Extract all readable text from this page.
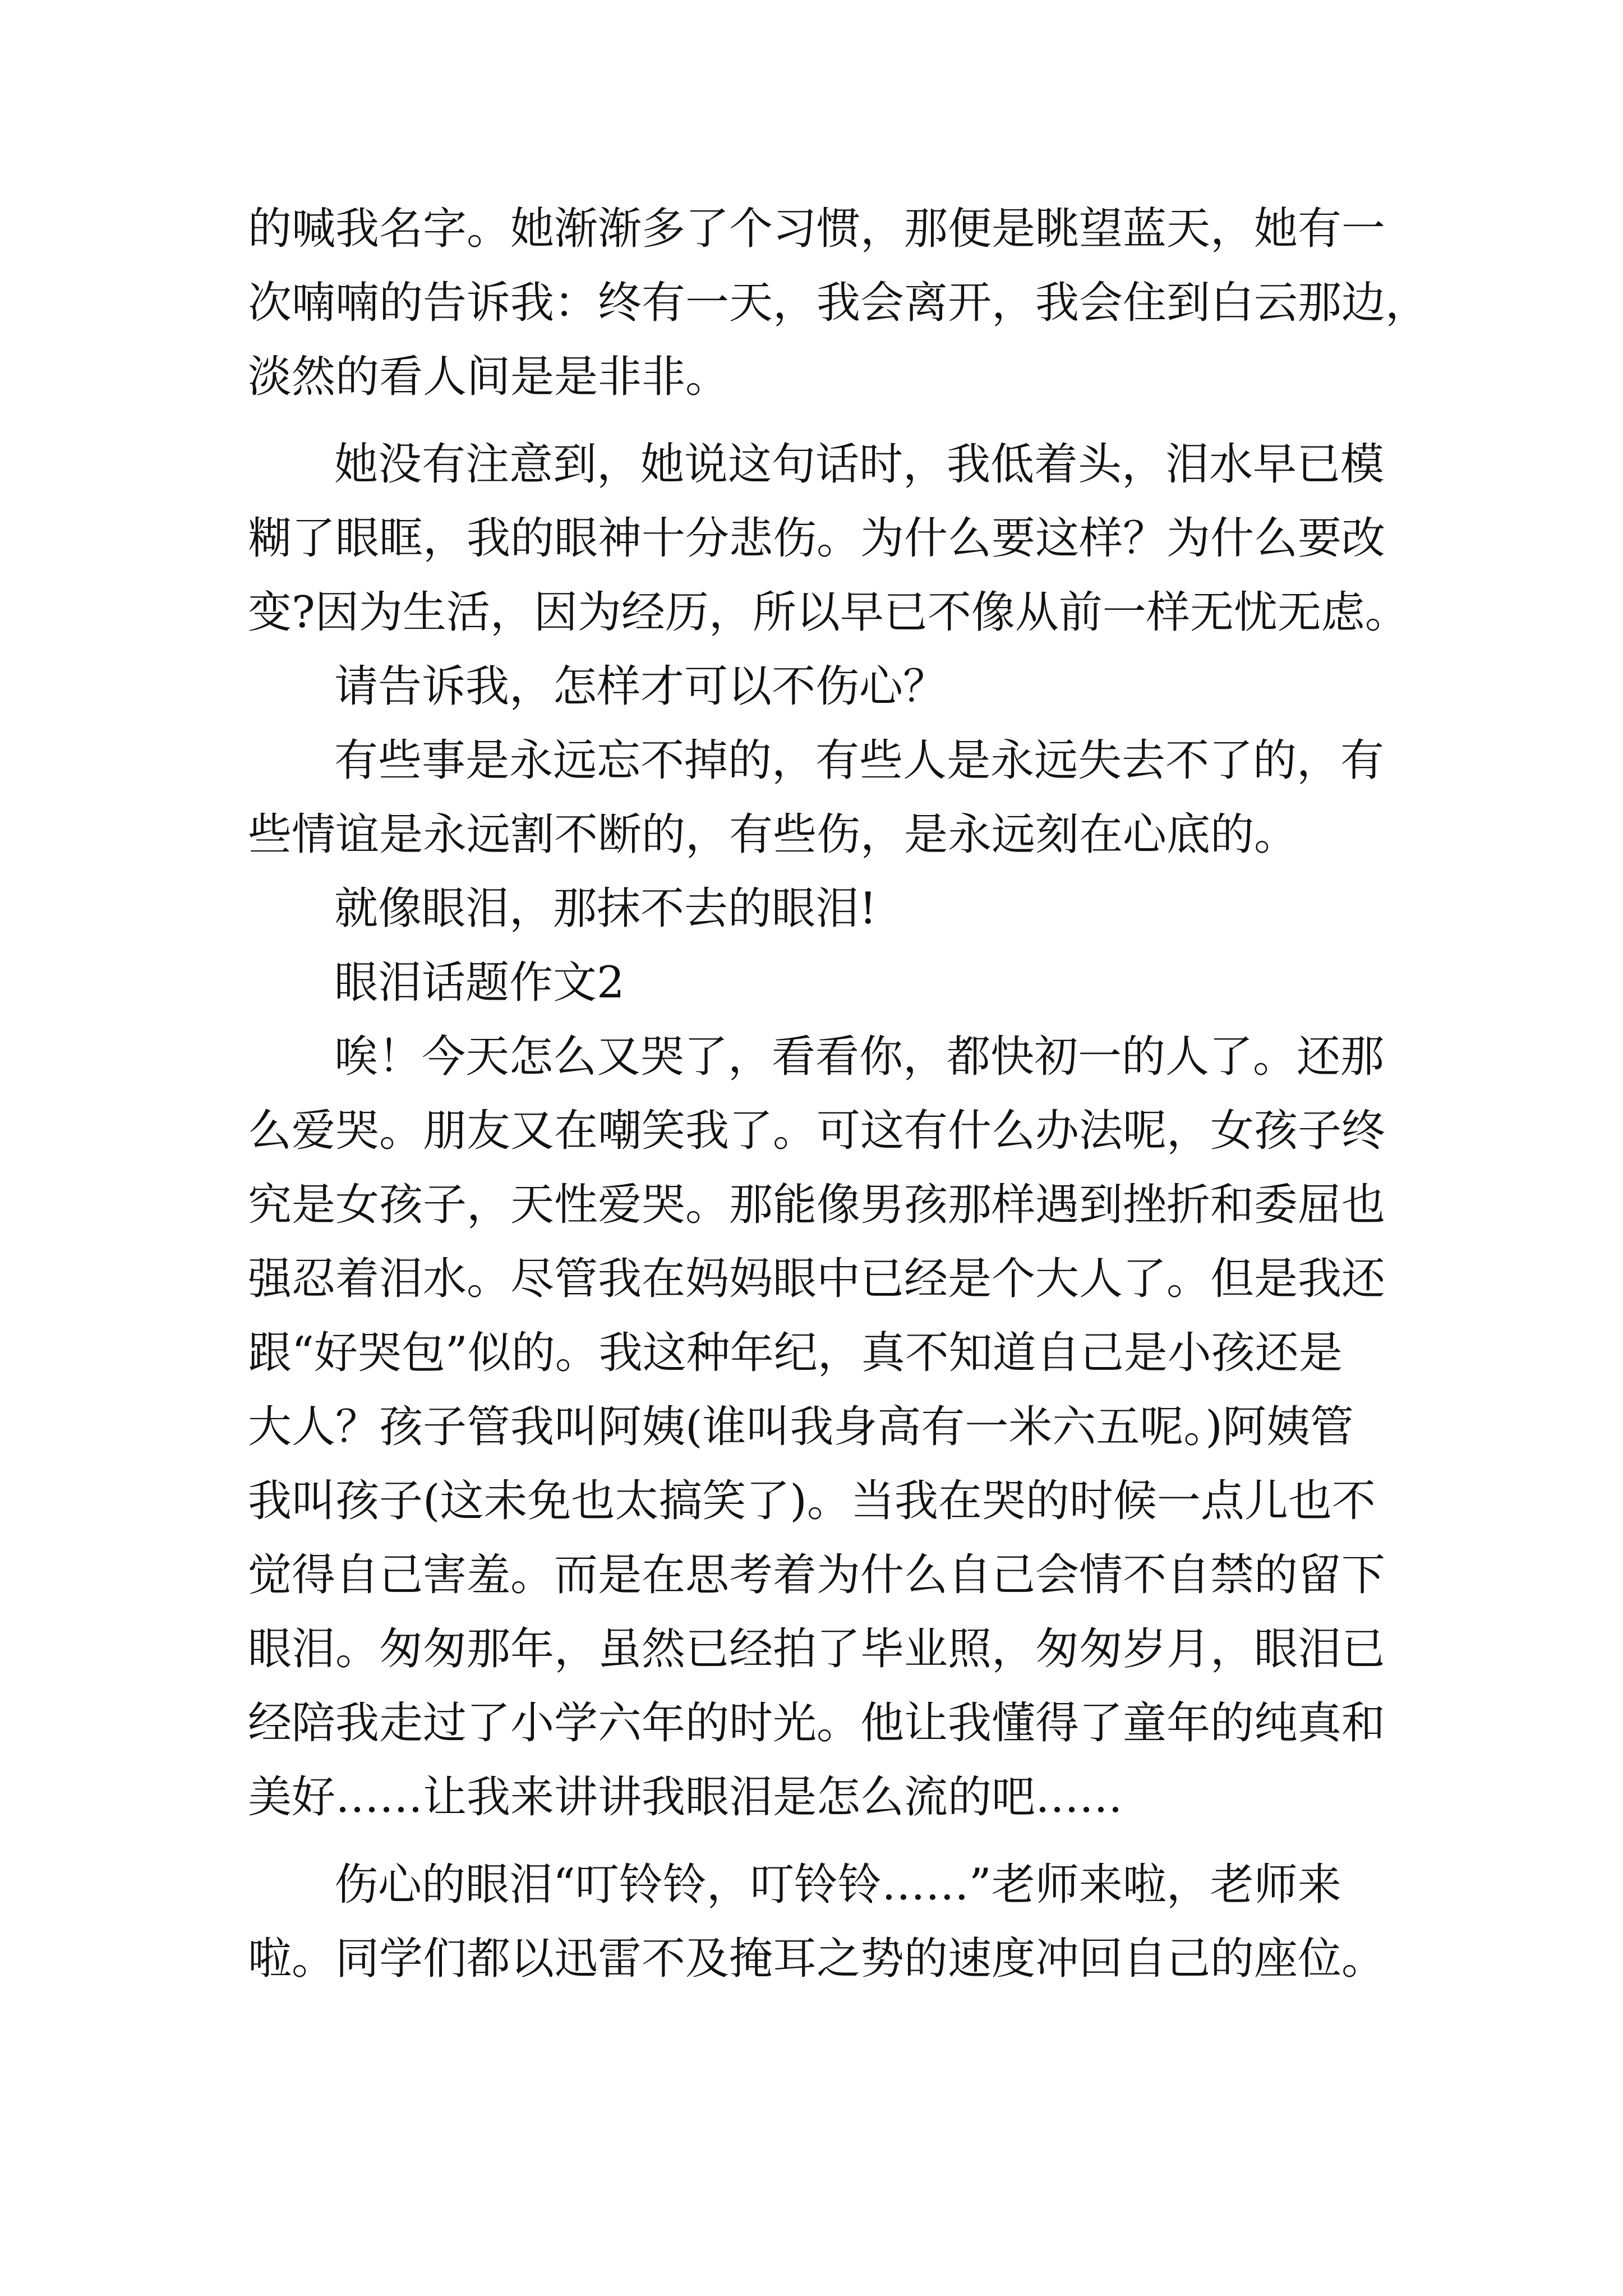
的喊我名字。她渐渐多了个习惯，那便是眺望蓝天，她有一

次喃喃的告诉我：终有一天，我会离开，我会住到白云那边，

淡然的看人间是是非非。

她没有注意到，她说这句话时，我低着头，泪水早已模

糊了眼眶，我的眼神十分悲伤。为什么要这样？为什么要改

变?因为生活，因为经历，所以早已不像从前一样无忧无虑。

请告诉我，怎样才可以不伤心？

有些事是永远忘不掉的，有些人是永远失去不了的，有

些情谊是永远割不断的，有些伤，是永远刻在心底的。

就像眼泪，那抹不去的眼泪!

眼泪话题作文2

唉！今天怎么又哭了，看看你，都快初一的人了。还那

么爱哭。朋友又在嘲笑我了。可这有什么办法呢，女孩子终

究是女孩子，天性爱哭。那能像男孩那样遇到挫折和委屈也

强忍着泪水。尽管我在妈妈眼中已经是个大人了。但是我还

跟“好哭包”似的。我这种年纪，真不知道自己是小孩还是

大人？孩子管我叫阿姨(谁叫我身高有一米六五呢。)阿姨管

我叫孩子(这未免也太搞笑了)。当我在哭的时候一点儿也不

觉得自己害羞。而是在思考着为什么自己会情不自禁的留下

眼泪。匆匆那年，虽然已经拍了毕业照，匆匆岁月，眼泪已

经陪我走过了小学六年的时光。他让我懂得了童年的纯真和

美好……让我来讲讲我眼泪是怎么流的吧……

伤心的眼泪“叮铃铃，叮铃铃……”老师来啦，老师来

啦。同学们都以迅雷不及掩耳之势的速度冲回自己的座位。
